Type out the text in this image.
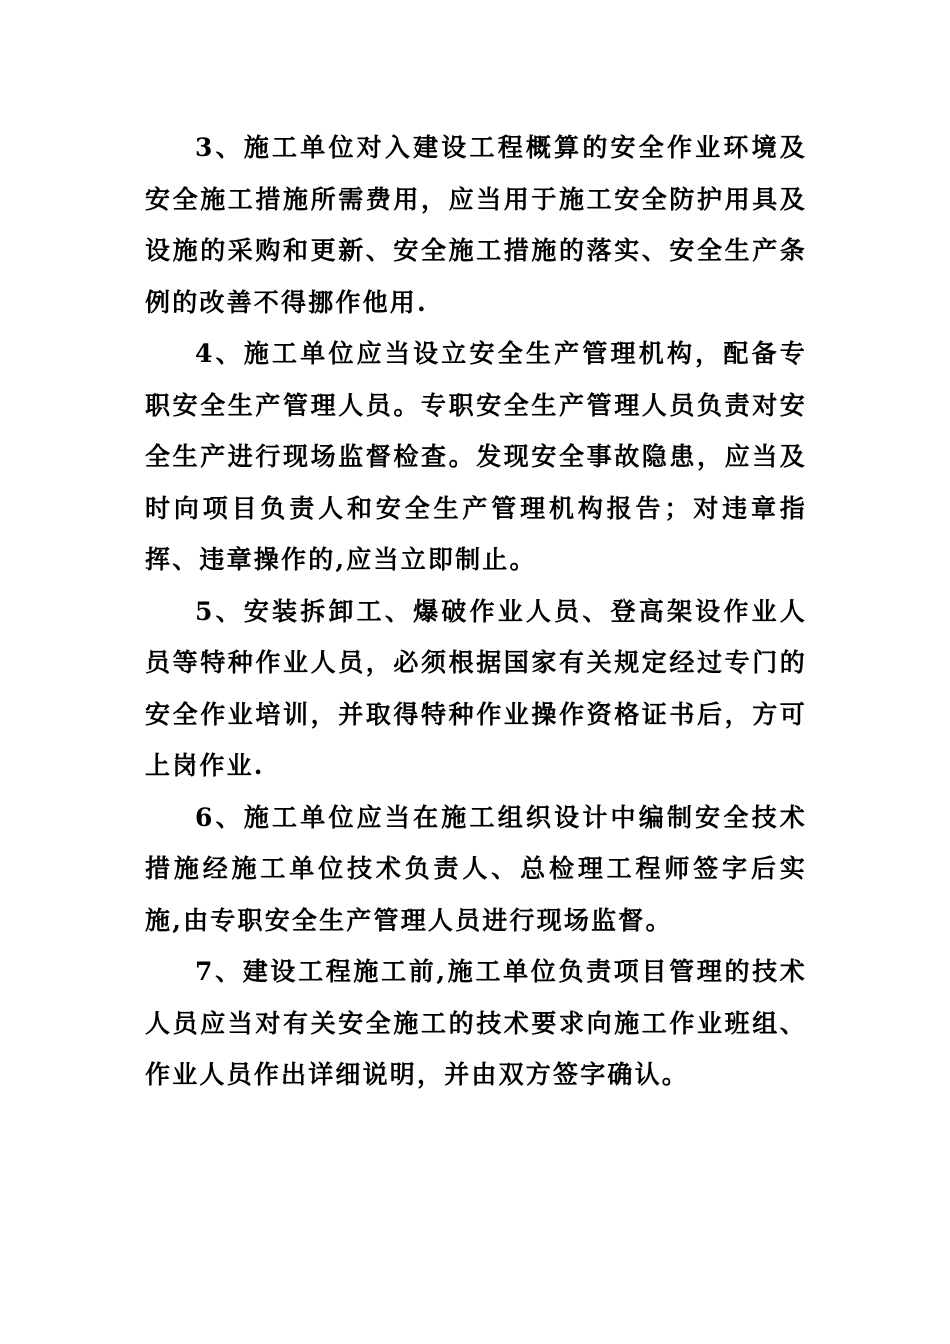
3、施工单位对入建设工程概算的安全作业环境及安全施工措施所需费用，应当用于施工安全防护用具及设施的采购和更新、安全施工措施的落实、安全生产条例的改善不得挪作他用.

4、施工单位应当设立安全生产管理机构，配备专职安全生产管理人员。专职安全生产管理人员负责对安全生产进行现场监督检查。发现安全事故隐患，应当及时向项目负责人和安全生产管理机构报告；对违章指挥、违章操作的,应当立即制止。

5、安装拆卸工、爆破作业人员、登高架设作业人员等特种作业人员，必须根据国家有关规定经过专门的安全作业培训，并取得特种作业操作资格证书后，方可上岗作业.

6、施工单位应当在施工组织设计中编制安全技术措施经施工单位技术负责人、总检理工程师签字后实施,由专职安全生产管理人员进行现场监督。

7、建设工程施工前,施工单位负责项目管理的技术人员应当对有关安全施工的技术要求向施工作业班组、作业人员作出详细说明，并由双方签字确认。
